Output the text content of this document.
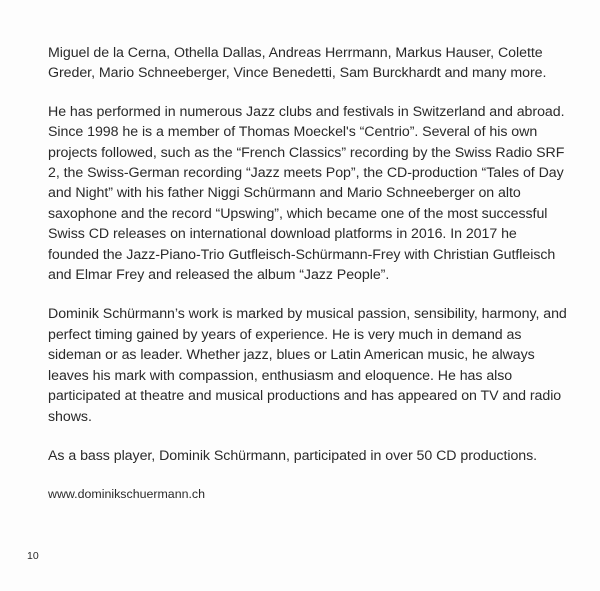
Miguel de la Cerna, Othella Dallas, Andreas Herrmann, Markus Hauser, Colette Greder, Mario Schneeberger, Vince Benedetti, Sam Burckhardt and many more.

He has performed in numerous Jazz clubs and festivals in Switzerland and abroad. Since 1998 he is a member of Thomas Moeckel's “Centrio”. Several of his own projects followed, such as the “French Classics” recording by the Swiss Radio SRF 2, the Swiss-German recording “Jazz meets Pop”, the CD-production “Tales of Day and Night” with his father Niggi Schürmann and Mario Schneeberger on alto saxophone and the record “Upswing”, which became one of the most successful Swiss CD releases on international download platforms in 2016. In 2017 he founded the Jazz-Piano-Trio Gutfleisch-Schürmann-Frey with Christian Gutfleisch and Elmar Frey and released the album “Jazz People”.

Dominik Schürmann’s work is marked by musical passion, sensibility, harmony, and perfect timing gained by years of experience. He is very much in demand as sideman or as leader. Whether jazz, blues or Latin American music, he always leaves his mark with compassion, enthusiasm and eloquence. He has also participated at theatre and musical productions and has appeared on TV and radio shows.

As a bass player, Dominik Schürmann, participated in over 50 CD productions.

www.dominikschuermann.ch

10
